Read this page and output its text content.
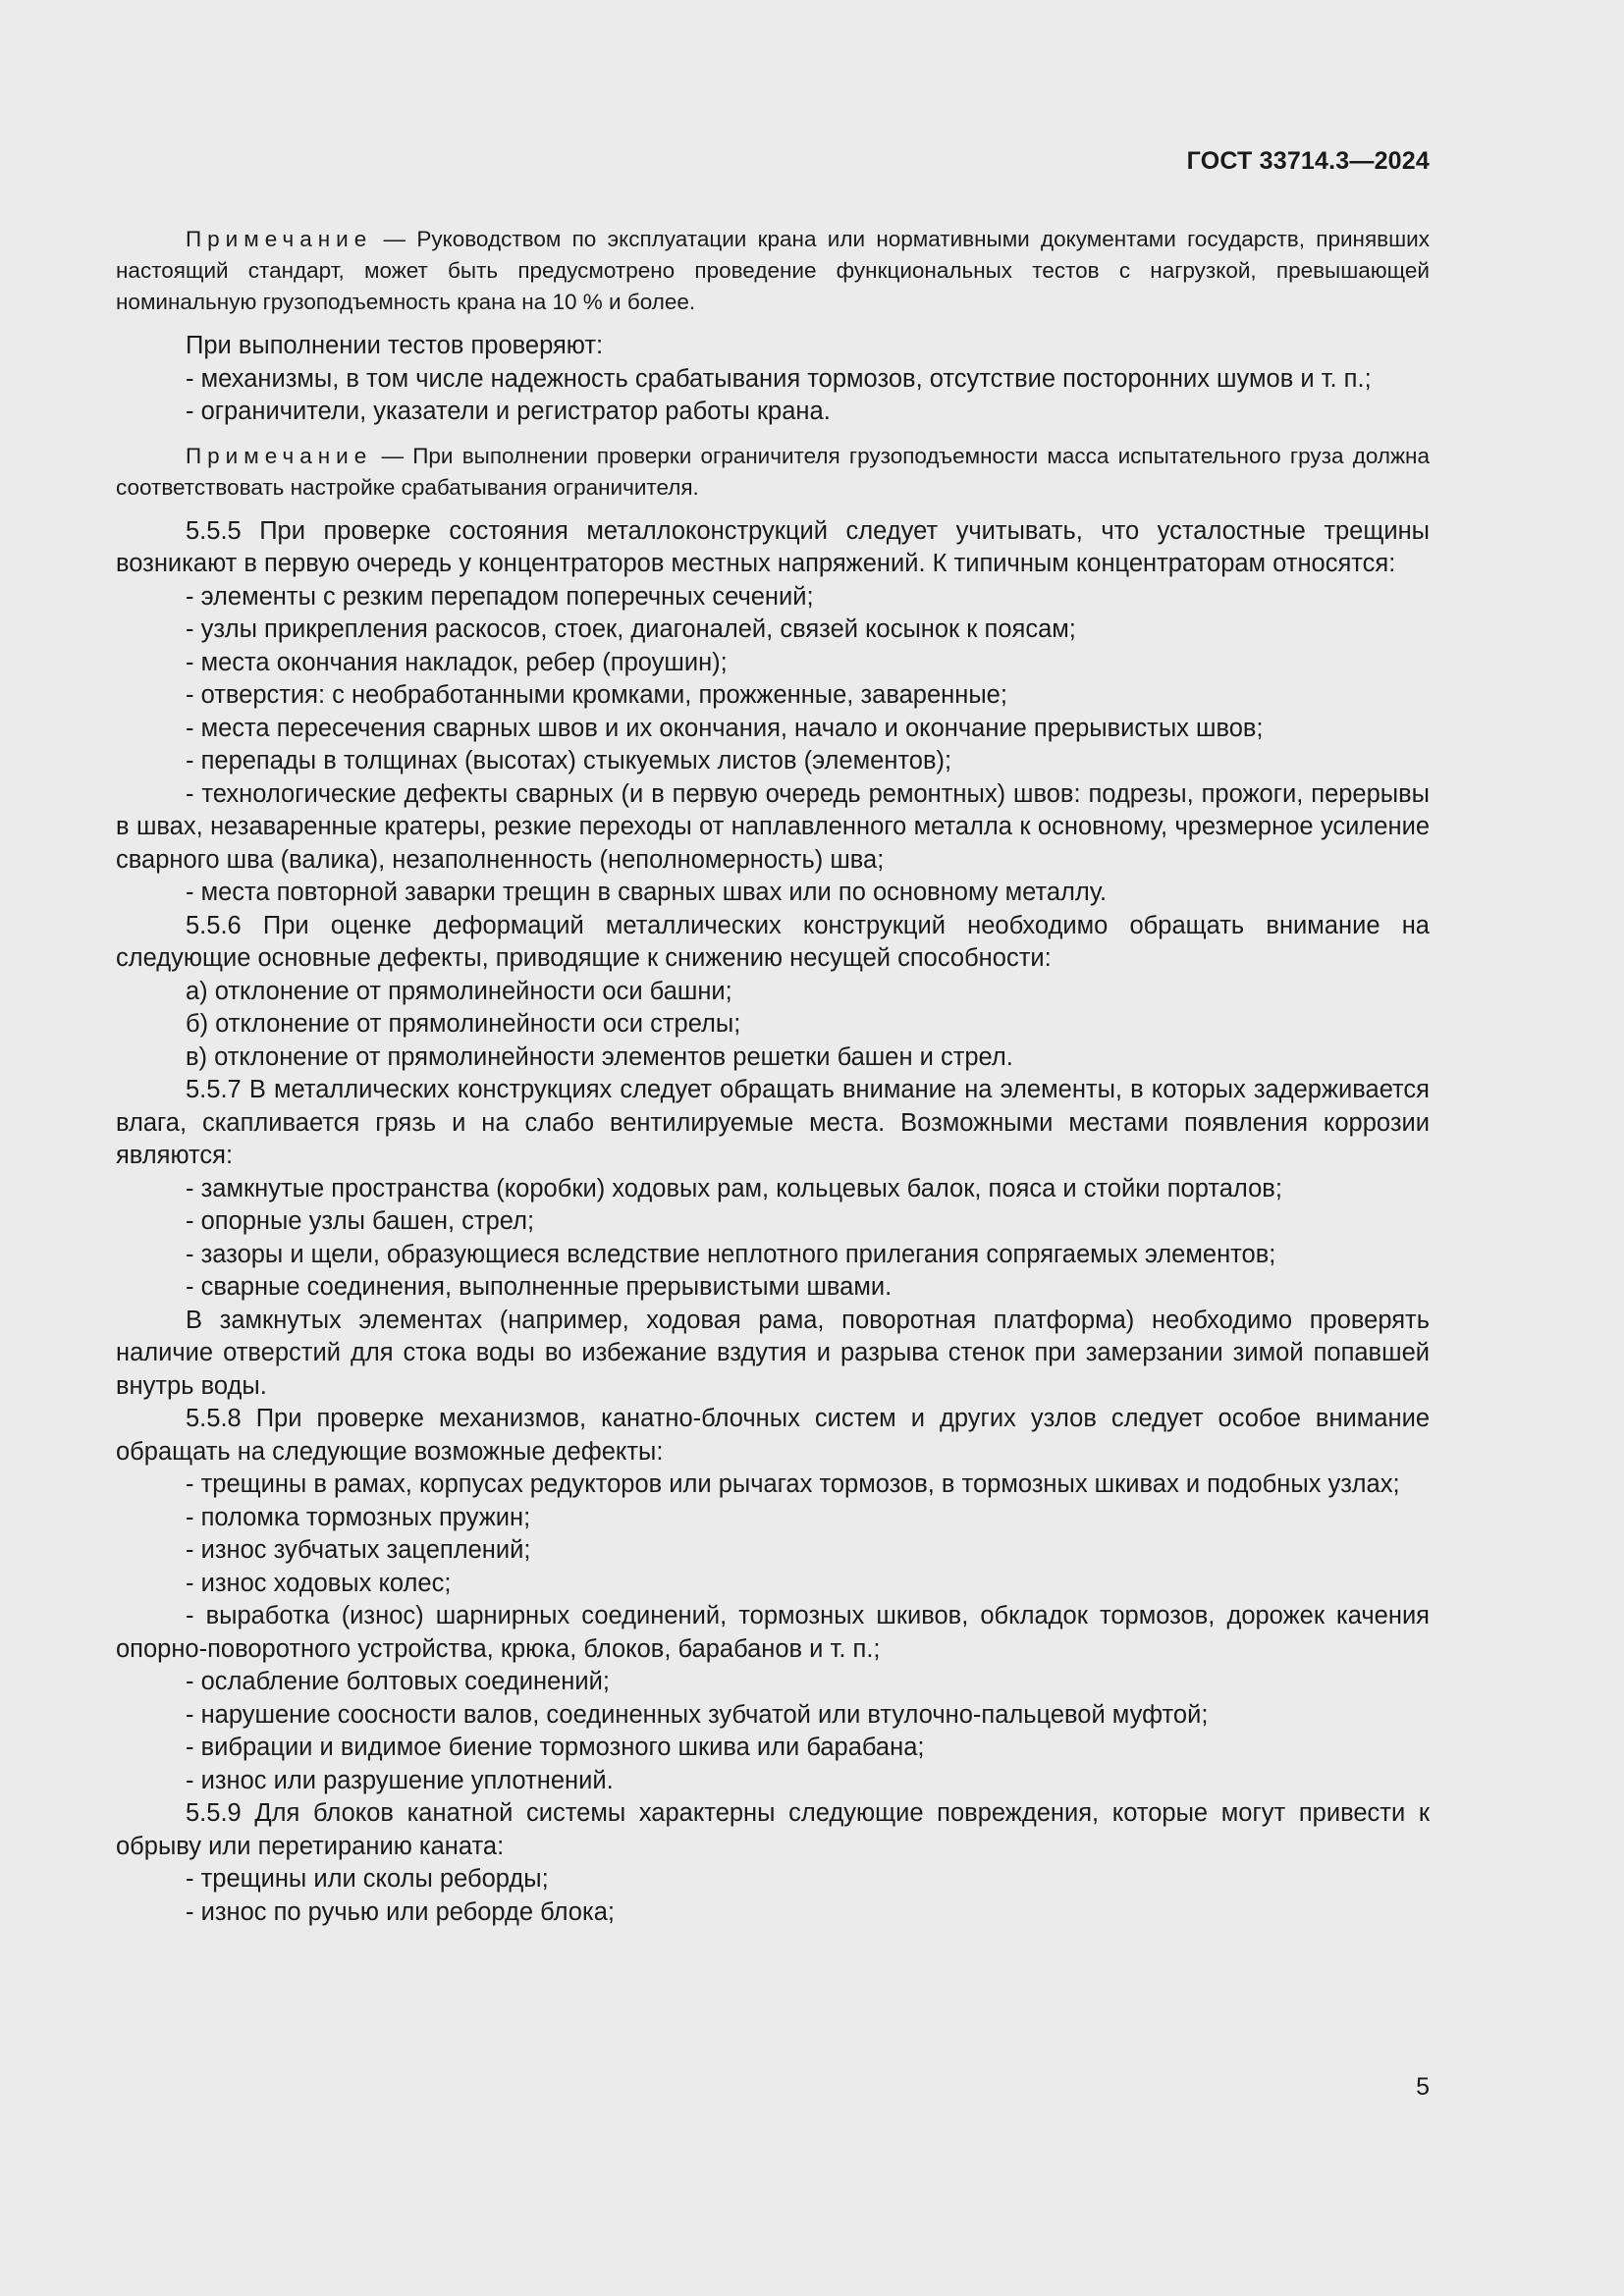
ГОСТ 33714.3—2024

Примечание — Руководством по эксплуатации крана или нормативными документами государств, принявших настоящий стандарт, может быть предусмотрено проведение функциональных тестов с нагрузкой, превышающей номинальную грузоподъемность крана на 10 % и более.

При выполнении тестов проверяют:

- механизмы, в том числе надежность срабатывания тормозов, отсутствие посторонних шумов и т. п.;

- ограничители, указатели и регистратор работы крана.

Примечание — При выполнении проверки ограничителя грузоподъемности масса испытательного груза должна соответствовать настройке срабатывания ограничителя.

5.5.5 При проверке состояния металлоконструкций следует учитывать, что усталостные трещины возникают в первую очередь у концентраторов местных напряжений. К типичным концентраторам относятся:

- элементы с резким перепадом поперечных сечений;

- узлы прикрепления раскосов, стоек, диагоналей, связей косынок к поясам;

- места окончания накладок, ребер (проушин);

- отверстия: с необработанными кромками, прожженные, заваренные;

- места пересечения сварных швов и их окончания, начало и окончание прерывистых швов;

- перепады в толщинах (высотах) стыкуемых листов (элементов);

- технологические дефекты сварных (и в первую очередь ремонтных) швов: подрезы, прожоги, перерывы в швах, незаваренные кратеры, резкие переходы от наплавленного металла к основному, чрезмерное усиление сварного шва (валика), незаполненность (неполномерность) шва;

- места повторной заварки трещин в сварных швах или по основному металлу.

5.5.6 При оценке деформаций металлических конструкций необходимо обращать внимание на следующие основные дефекты, приводящие к снижению несущей способности:

а) отклонение от прямолинейности оси башни;

б) отклонение от прямолинейности оси стрелы;

в) отклонение от прямолинейности элементов решетки башен и стрел.

5.5.7 В металлических конструкциях следует обращать внимание на элементы, в которых задерживается влага, скапливается грязь и на слабо вентилируемые места. Возможными местами появления коррозии являются:

- замкнутые пространства (коробки) ходовых рам, кольцевых балок, пояса и стойки порталов;

- опорные узлы башен, стрел;

- зазоры и щели, образующиеся вследствие неплотного прилегания сопрягаемых элементов;

- сварные соединения, выполненные прерывистыми швами.

В замкнутых элементах (например, ходовая рама, поворотная платформа) необходимо проверять наличие отверстий для стока воды во избежание вздутия и разрыва стенок при замерзании зимой попавшей внутрь воды.

5.5.8 При проверке механизмов, канатно-блочных систем и других узлов следует особое внимание обращать на следующие возможные дефекты:

- трещины в рамах, корпусах редукторов или рычагах тормозов, в тормозных шкивах и подобных узлах;

- поломка тормозных пружин;

- износ зубчатых зацеплений;

- износ ходовых колес;

- выработка (износ) шарнирных соединений, тормозных шкивов, обкладок тормозов, дорожек качения опорно-поворотного устройства, крюка, блоков, барабанов и т. п.;

- ослабление болтовых соединений;

- нарушение соосности валов, соединенных зубчатой или втулочно-пальцевой муфтой;

- вибрации и видимое биение тормозного шкива или барабана;

- износ или разрушение уплотнений.

5.5.9 Для блоков канатной системы характерны следующие повреждения, которые могут привести к обрыву или перетиранию каната:

- трещины или сколы реборды;

- износ по ручью или реборде блока;

5
